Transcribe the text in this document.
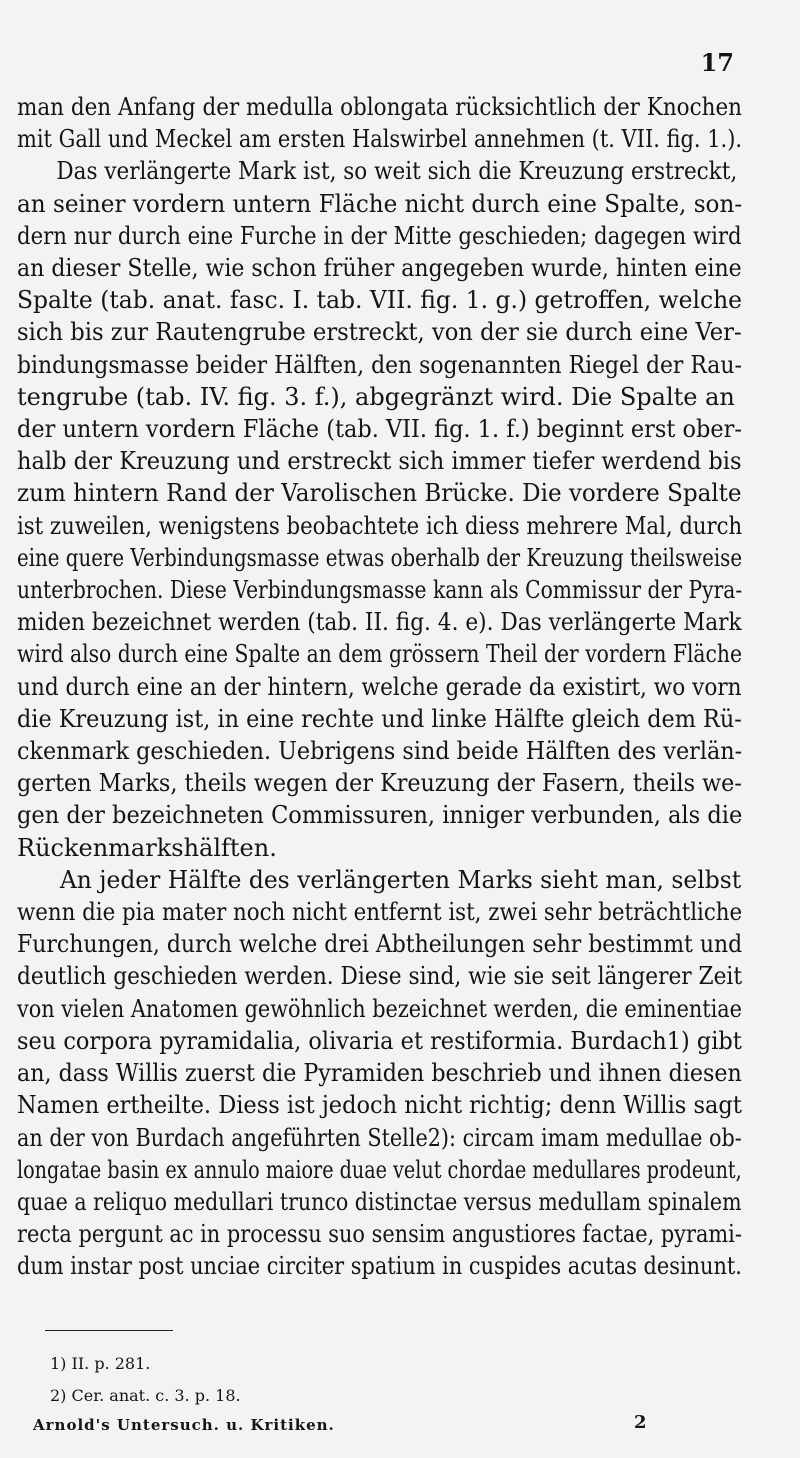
17
man den Anfang der medulla oblongata rücksichtlich der Knochen
mit Gall und Meckel am ersten Halswirbel annehmen (t. VII. fig. 1.).
Das verlängerte Mark ist, so weit sich die Kreuzung erstreckt,
an seiner vordern untern Fläche nicht durch eine Spalte, son-
dern nur durch eine Furche in der Mitte geschieden; dagegen wird
an dieser Stelle, wie schon früher angegeben wurde, hinten eine
Spalte (tab. anat. fasc. I. tab. VII. fig. 1. g.) getroffen, welche
sich bis zur Rautengrube erstreckt, von der sie durch eine Ver-
bindungsmasse beider Hälften, den sogenannten Riegel der Rau-
tengrube (tab. IV. fig. 3. f.), abgegränzt wird. Die Spalte an
der untern vordern Fläche (tab. VII. fig. 1. f.) beginnt erst ober-
halb der Kreuzung und erstreckt sich immer tiefer werdend bis
zum hintern Rand der Varolischen Brücke. Die vordere Spalte
ist zuweilen, wenigstens beobachtete ich diess mehrere Mal, durch
eine quere Verbindungsmasse etwas oberhalb der Kreuzung theilsweise
unterbrochen. Diese Verbindungsmasse kann als Commissur der Pyra-
miden bezeichnet werden (tab. II. fig. 4. e). Das verlängerte Mark
wird also durch eine Spalte an dem grössern Theil der vordern Fläche
und durch eine an der hintern, welche gerade da existirt, wo vorn
die Kreuzung ist, in eine rechte und linke Hälfte gleich dem Rü-
ckenmark geschieden. Uebrigens sind beide Hälften des verlän-
gerten Marks, theils wegen der Kreuzung der Fasern, theils we-
gen der bezeichneten Commissuren, inniger verbunden, als die
Rückenmarkshälften.
An jeder Hälfte des verlängerten Marks sieht man, selbst
wenn die pia mater noch nicht entfernt ist, zwei sehr beträchtliche
Furchungen, durch welche drei Abtheilungen sehr bestimmt und
deutlich geschieden werden. Diese sind, wie sie seit längerer Zeit
von vielen Anatomen gewöhnlich bezeichnet werden, die eminentiae
seu corpora pyramidalia, olivaria et restiformia. Burdach1) gibt
an, dass Willis zuerst die Pyramiden beschrieb und ihnen diesen
Namen ertheilte. Diess ist jedoch nicht richtig; denn Willis sagt
an der von Burdach angeführten Stelle2): circam imam medullae ob-
longatae basin ex annulo maiore duae velut chordae medullares prodeunt,
quae a reliquo medullari trunco distinctae versus medullam spinalem
recta pergunt ac in processu suo sensim angustiores factae, pyrami-
dum instar post unciae circiter spatium in cuspides acutas desinunt.
1) II. p. 281.
2) Cer. anat. c. 3. p. 18.
Arnold's Untersuch. u. Kritiken.	2
